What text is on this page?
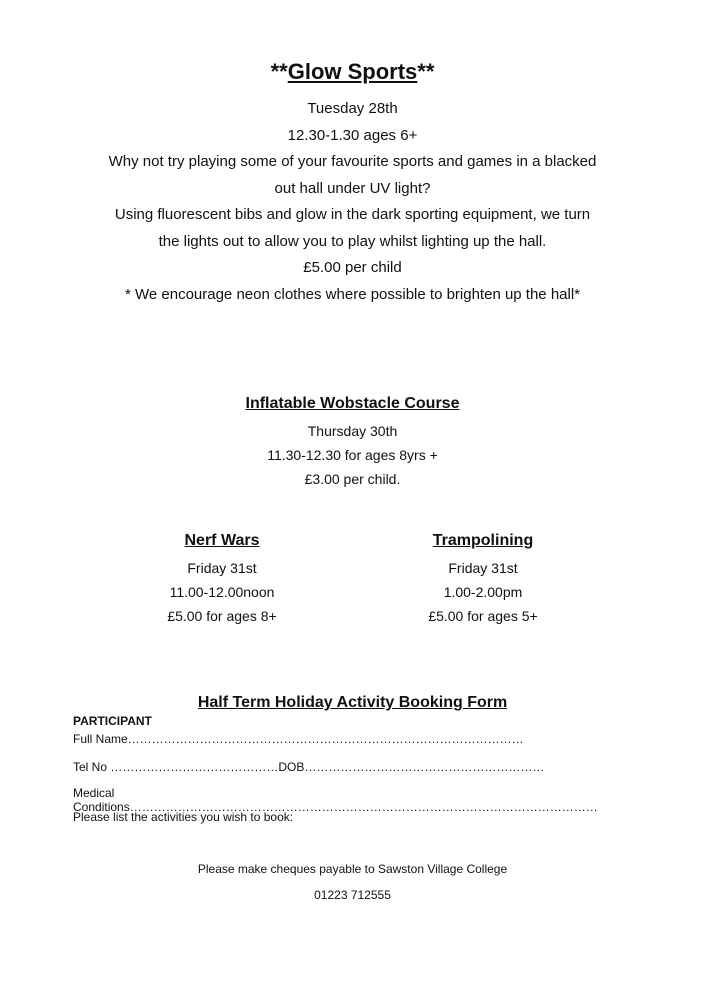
**Glow Sports**

Tuesday 28th

12.30-1.30 ages 6+

Why not try playing some of your favourite sports and games in a blacked

out hall under UV light?

Using fluorescent bibs and glow in the dark sporting equipment, we turn

the lights out to allow you to play whilst lighting up the hall.

£5.00 per child

* We encourage neon clothes where possible to brighten up the hall*

Inflatable Wobstacle Course

Thursday 30th

11.30-12.30 for ages 8yrs +

£3.00 per child.

Nerf Wars

Friday 31st

11.00-12.00noon

£5.00 for ages 8+

Trampolining

Friday 31st

1.00-2.00pm

£5.00 for ages 5+

Half Term Holiday Activity Booking Form
PARTICIPANT
Full Name………………………………………………………………………………………
Tel No ……………………………………DOB……………………………………………………
Medical Conditions………………………………………………………………………………………………………
Please list the activities you wish to book:
Please make cheques payable to Sawston Village College
01223 712555
